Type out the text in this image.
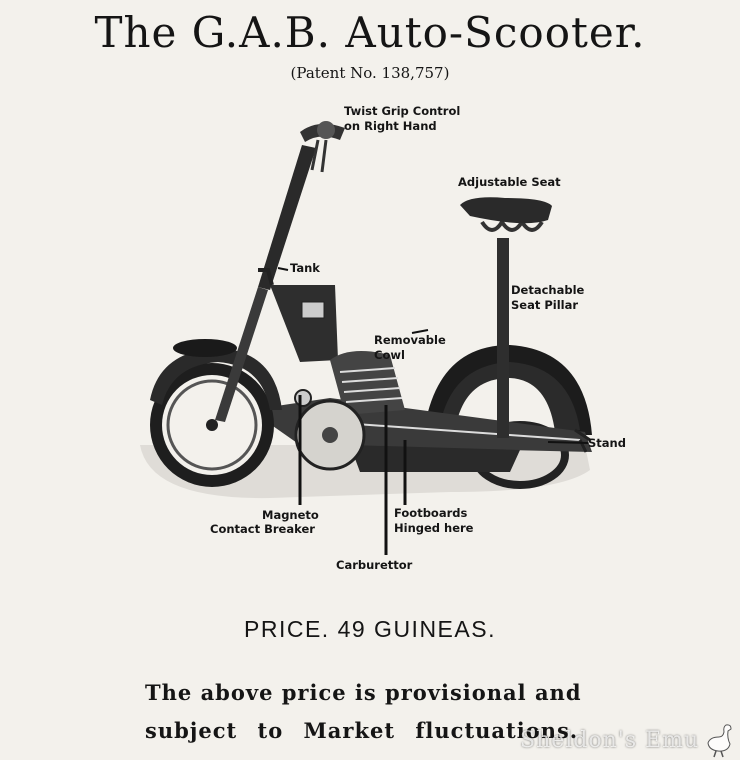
The G.A.B. Auto-Scooter.
(Patent No. 138,757)
Twist Grip Control
on Right Hand
Adjustable Seat
Tank
Detachable
Seat Pillar
Removable
Cowl
Stand
Magneto
Contact Breaker
Footboards
Hinged here
Carburettor
PRICE. 49 GUINEAS.
The above price is provisional and
subject to Market fluctuations.
Sheldon's Emu
